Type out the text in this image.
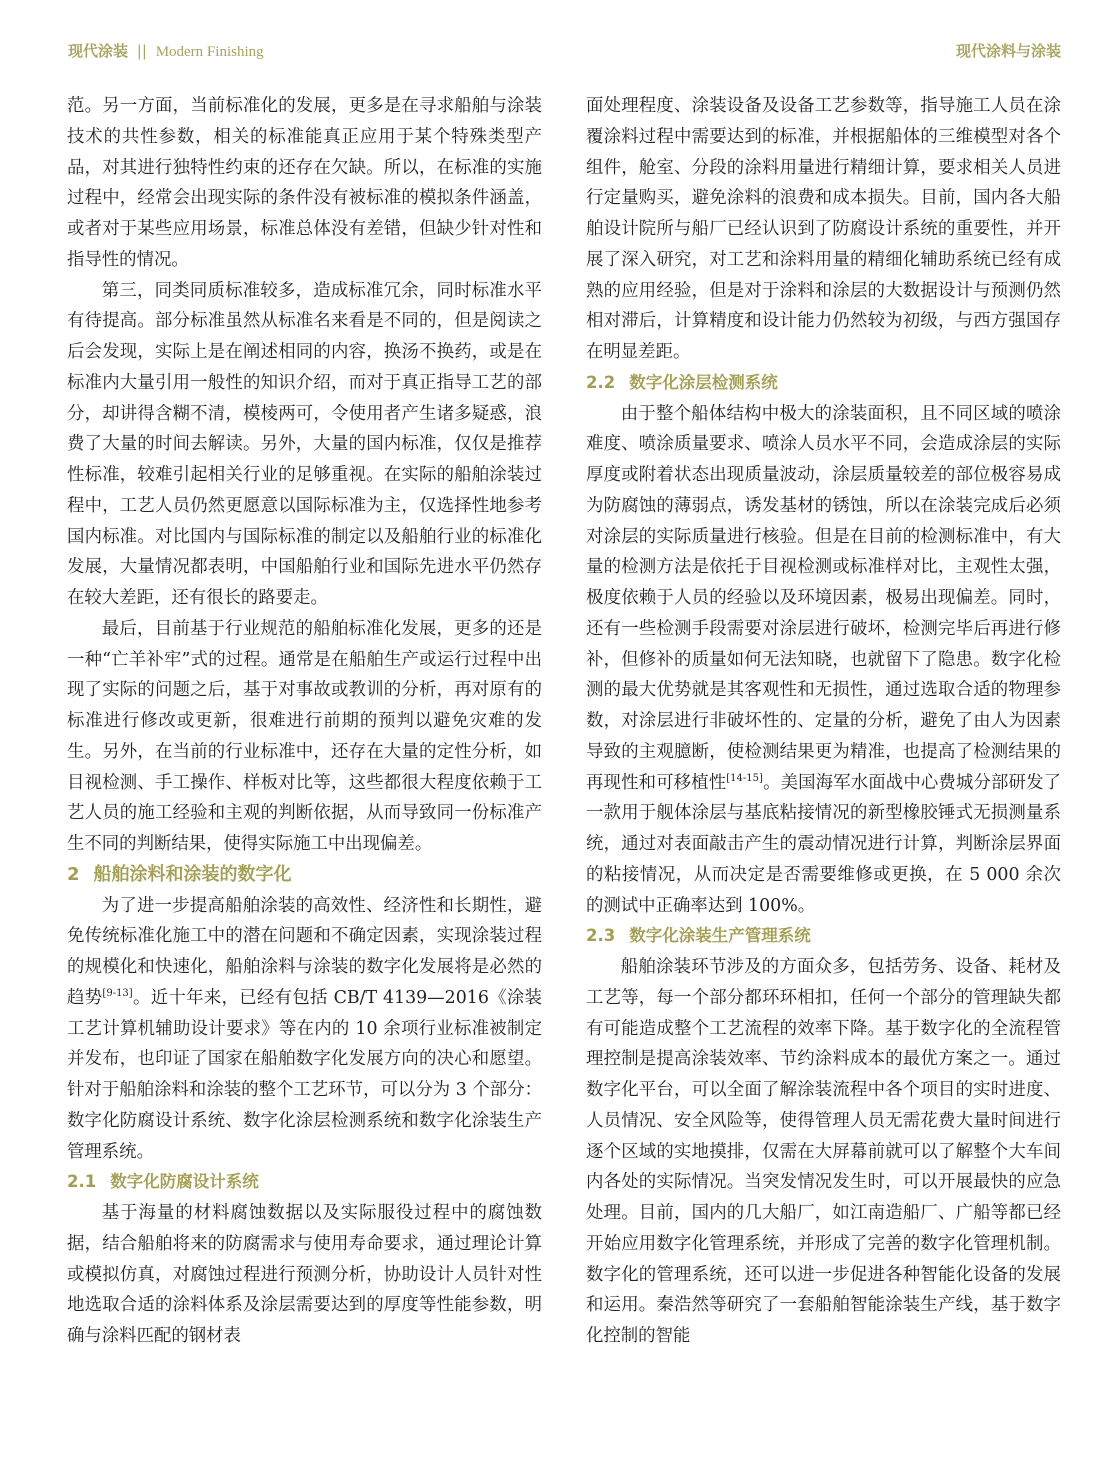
现代涂装 || Modern Finishing	现代涂料与涂装

范。另一方面，当前标准化的发展，更多是在寻求船舶与涂装技术的共性参数，相关的标准能真正应用于某个特殊类型产品，对其进行独特性约束的还存在欠缺。所以，在标准的实施过程中，经常会出现实际的条件没有被标准的模拟条件涵盖，或者对于某些应用场景，标准总体没有差错，但缺少针对性和指导性的情况。

第三，同类同质标准较多，造成标准冗余，同时标准水平有待提高。部分标准虽然从标准名来看是不同的，但是阅读之后会发现，实际上是在阐述相同的内容，换汤不换药，或是在标准内大量引用一般性的知识介绍，而对于真正指导工艺的部分，却讲得含糊不清，模棱两可，令使用者产生诸多疑惑，浪费了大量的时间去解读。另外，大量的国内标准，仅仅是推荐性标准，较难引起相关行业的足够重视。在实际的船舶涂装过程中，工艺人员仍然更愿意以国际标准为主，仅选择性地参考国内标准。对比国内与国际标准的制定以及船舶行业的标准化发展，大量情况都表明，中国船舶行业和国际先进水平仍然存在较大差距，还有很长的路要走。

最后，目前基于行业规范的船舶标准化发展，更多的还是一种“亡羊补牢”式的过程。通常是在船舶生产或运行过程中出现了实际的问题之后，基于对事故或教训的分析，再对原有的标准进行修改或更新，很难进行前期的预判以避免灾难的发生。另外，在当前的行业标准中，还存在大量的定性分析，如目视检测、手工操作、样板对比等，这些都很大程度依赖于工艺人员的施工经验和主观的判断依据，从而导致同一份标准产生不同的判断结果，使得实际施工中出现偏差。

2 船舶涂料和涂装的数字化

为了进一步提高船舶涂装的高效性、经济性和长期性，避免传统标准化施工中的潜在问题和不确定因素，实现涂装过程的规模化和快速化，船舶涂料与涂装的数字化发展将是必然的趋势[9-13]。近十年来，已经有包括 CB/T 4139—2016《涂装工艺计算机辅助设计要求》等在内的 10 余项行业标准被制定并发布，也印证了国家在船舶数字化发展方向的决心和愿望。针对于船舶涂料和涂装的整个工艺环节，可以分为 3 个部分：数字化防腐设计系统、数字化涂层检测系统和数字化涂装生产管理系统。

2.1 数字化防腐设计系统

基于海量的材料腐蚀数据以及实际服役过程中的腐蚀数据，结合船舶将来的防腐需求与使用寿命要求，通过理论计算或模拟仿真，对腐蚀过程进行预测分析，协助设计人员针对性地选取合适的涂料体系及涂层需要达到的厚度等性能参数，明确与涂料匹配的钢材表

面处理程度、涂装设备及设备工艺参数等，指导施工人员在涂覆涂料过程中需要达到的标准，并根据船体的三维模型对各个组件，舱室、分段的涂料用量进行精细计算，要求相关人员进行定量购买，避免涂料的浪费和成本损失。目前，国内各大船舶设计院所与船厂已经认识到了防腐设计系统的重要性，并开展了深入研究，对工艺和涂料用量的精细化辅助系统已经有成熟的应用经验，但是对于涂料和涂层的大数据设计与预测仍然相对滞后，计算精度和设计能力仍然较为初级，与西方强国存在明显差距。

2.2 数字化涂层检测系统

由于整个船体结构中极大的涂装面积，且不同区域的喷涂难度、喷涂质量要求、喷涂人员水平不同，会造成涂层的实际厚度或附着状态出现质量波动，涂层质量较差的部位极容易成为防腐蚀的薄弱点，诱发基材的锈蚀，所以在涂装完成后必须对涂层的实际质量进行核验。但是在目前的检测标准中，有大量的检测方法是依托于目视检测或标准样对比，主观性太强，极度依赖于人员的经验以及环境因素，极易出现偏差。同时，还有一些检测手段需要对涂层进行破坏，检测完毕后再进行修补，但修补的质量如何无法知晓，也就留下了隐患。数字化检测的最大优势就是其客观性和无损性，通过选取合适的物理参数，对涂层进行非破坏性的、定量的分析，避免了由人为因素导致的主观臆断，使检测结果更为精准，也提高了检测结果的再现性和可移植性[14-15]。美国海军水面战中心费城分部研发了一款用于舰体涂层与基底粘接情况的新型橡胶锤式无损测量系统，通过对表面敲击产生的震动情况进行计算，判断涂层界面的粘接情况，从而决定是否需要维修或更换，在 5 000 余次的测试中正确率达到 100%。

2.3 数字化涂装生产管理系统

船舶涂装环节涉及的方面众多，包括劳务、设备、耗材及工艺等，每一个部分都环环相扣，任何一个部分的管理缺失都有可能造成整个工艺流程的效率下降。基于数字化的全流程管理控制是提高涂装效率、节约涂料成本的最优方案之一。通过数字化平台，可以全面了解涂装流程中各个项目的实时进度、人员情况、安全风险等，使得管理人员无需花费大量时间进行逐个区域的实地摸排，仅需在大屏幕前就可以了解整个大车间内各处的实际情况。当突发情况发生时，可以开展最快的应急处理。目前，国内的几大船厂，如江南造船厂、广船等都已经开始应用数字化管理系统，并形成了完善的数字化管理机制。数字化的管理系统，还可以进一步促进各种智能化设备的发展和运用。秦浩然等研究了一套船舶智能涂装生产线，基于数字化控制的智能
